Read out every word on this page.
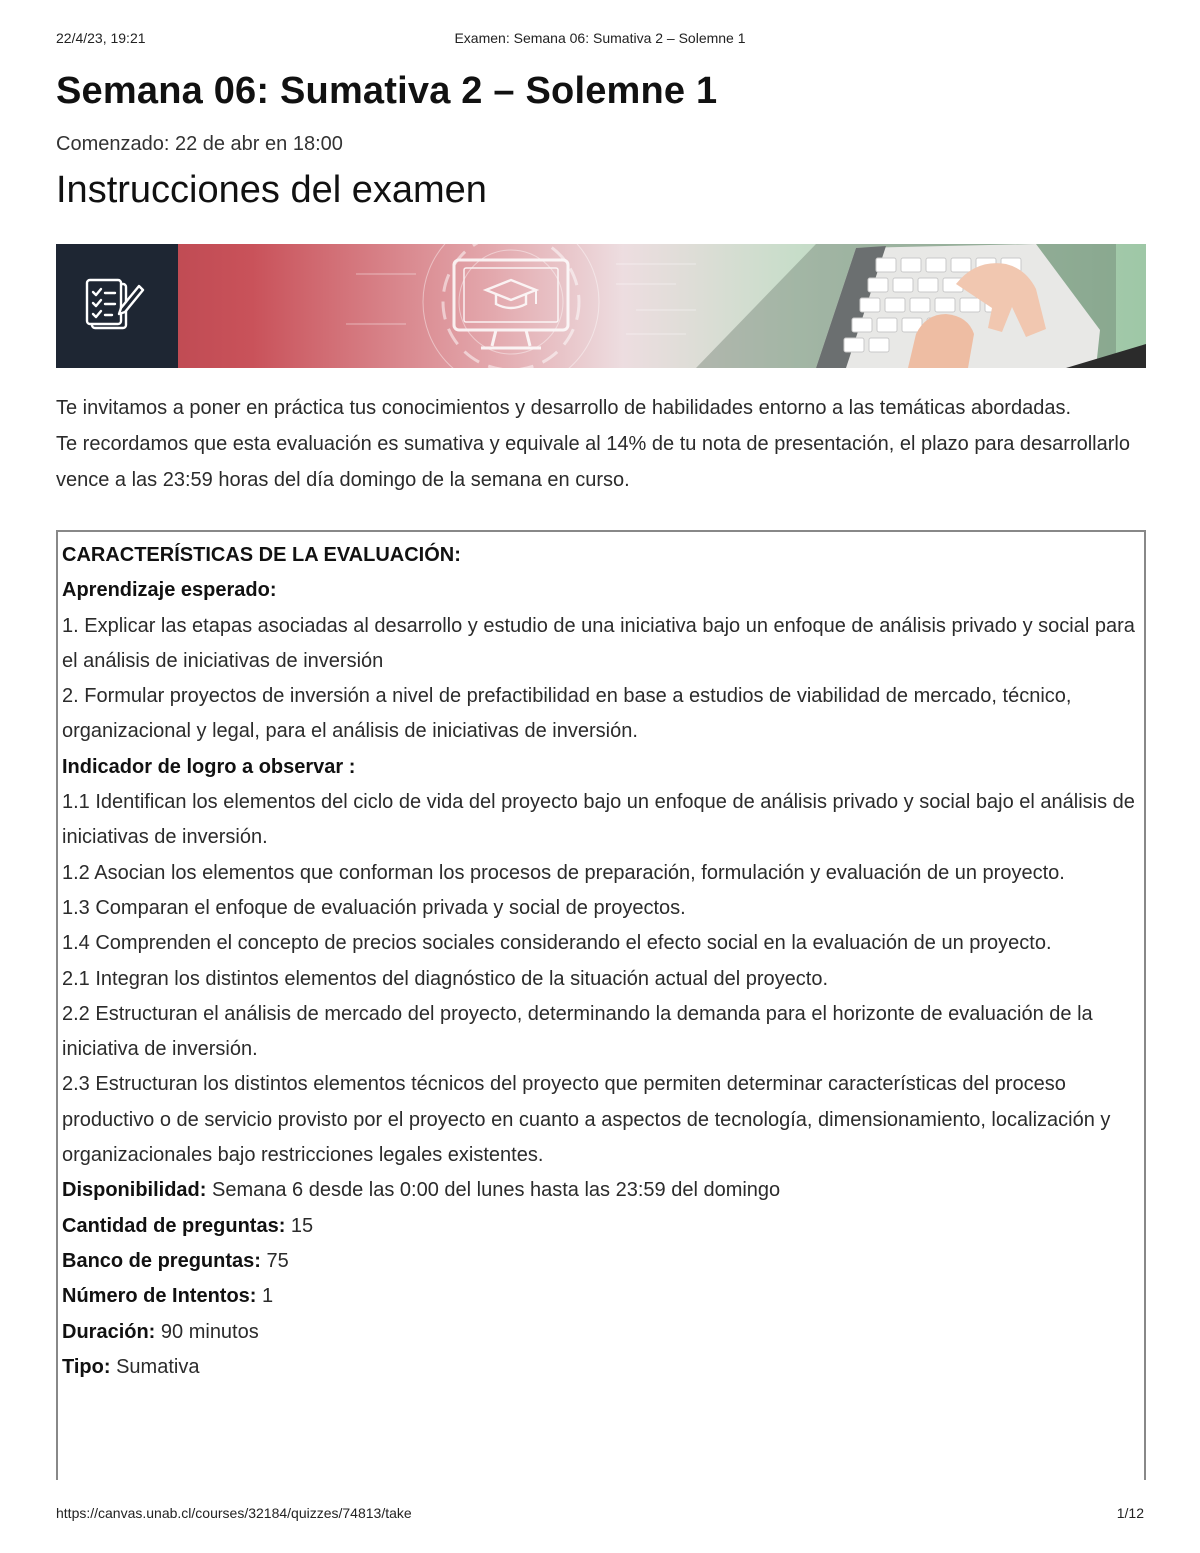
22/4/23, 19:21	Examen: Semana 06: Sumativa 2 – Solemne 1
Semana 06: Sumativa 2 – Solemne 1

Comenzado: 22 de abr en 18:00

Instrucciones del examen

Te invitamos a poner en práctica tus conocimientos y desarrollo de habilidades entorno a las temáticas abordadas.

Te recordamos que esta evaluación es sumativa y equivale al 14% de tu nota de presentación, el plazo para desarrollarlo vence a las 23:59 horas del día domingo de la semana en curso.

CARACTERÍSTICAS DE LA EVALUACIÓN:

Aprendizaje esperado:

1. Explicar las etapas asociadas al desarrollo y estudio de una iniciativa bajo un enfoque de análisis privado y social para el análisis de iniciativas de inversión

2. Formular proyectos de inversión a nivel de prefactibilidad en base a estudios de viabilidad de mercado, técnico, organizacional y legal, para el análisis de iniciativas de inversión.

Indicador de logro a observar :

1.1 Identifican los elementos del ciclo de vida del proyecto bajo un enfoque de análisis privado y social bajo el análisis de iniciativas de inversión.

1.2 Asocian los elementos que conforman los procesos de preparación, formulación y evaluación de un proyecto.

1.3 Comparan el enfoque de evaluación privada y social de proyectos.

1.4 Comprenden el concepto de precios sociales considerando el efecto social en la evaluación de un proyecto.

2.1 Integran los distintos elementos del diagnóstico de la situación actual del proyecto.

2.2 Estructuran el análisis de mercado del proyecto, determinando la demanda para el horizonte de evaluación de la iniciativa de inversión.

2.3 Estructuran los distintos elementos técnicos del proyecto que permiten determinar características del proceso productivo o de servicio provisto por el proyecto en cuanto a aspectos de tecnología, dimensionamiento, localización y organizacionales bajo restricciones legales existentes.

Disponibilidad: Semana 6 desde las 0:00 del lunes hasta las 23:59 del domingo

Cantidad de preguntas: 15

Banco de preguntas: 75

Número de Intentos: 1

Duración: 90 minutos

Tipo: Sumativa

https://canvas.unab.cl/courses/32184/quizzes/74813/take	1/12
